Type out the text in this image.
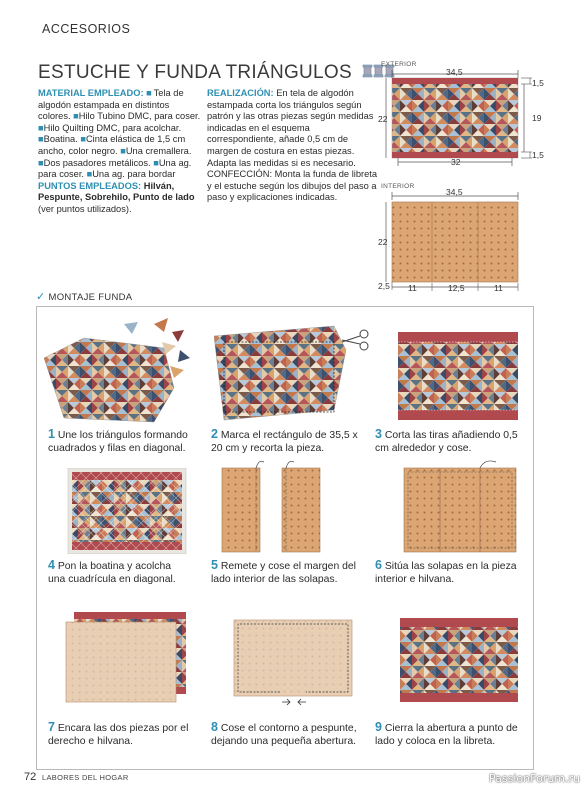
ACCESORIOS
ESTUCHE Y FUNDA TRIÁNGULOS
MATERIAL EMPLEADO: ■  Tela de algodón estampada en distintos colores. ■Hilo Tubino DMC, para coser. ■Hilo Quilting DMC, para acolchar. ■Boatina. ■Cinta elástica de 1,5 cm ancho, color negro. ■Una cremallera. ■Dos pasadores metálicos. ■Una ag. para coser. ■Una ag. para bordar
PUNTOS EMPLEADOS: Hilván, Pespunte, Sobrehilo, Punto de lado (ver puntos utilizados).
REALIZACIÓN: En tela de algodón estampada corta los triángulos según patrón y las otras piezas según medidas indicadas en el esquema correspondiente, añade 0,5 cm de margen de costura en estas piezas. Adapta las medidas si es necesario. CONFECCIÓN: Monta la funda de libreta y el estuche según los dibujos del paso a paso y explicaciones indicadas.
EXTERIOR
34,5
22	19
1,5
1,5
32
INTERIOR
34,5
22
2,5 11	12,5	11
✓ MONTAJE FUNDA
1 Une los triángulos formando cuadrados y filas en diagonal.
2 Marca el rectángulo de 35,5 x 20 cm y recorta la pieza.
3 Corta las tiras añadiendo 0,5 cm alrededor y cose.
4 Pon la boatina y acolcha una cuadrícula en diagonal.
5 Remete y cose el margen del lado interior de las solapas.
6 Sitúa las solapas en la pieza interior e hilvana.
7 Encara las dos piezas por el derecho e hilvana.
8 Cose el contorno a pespunte, dejando una pequeña abertura.
9 Cierra la abertura a punto de lado y coloca en la libreta.
72 LABORES DEL HOGAR	PassionForum.ru
